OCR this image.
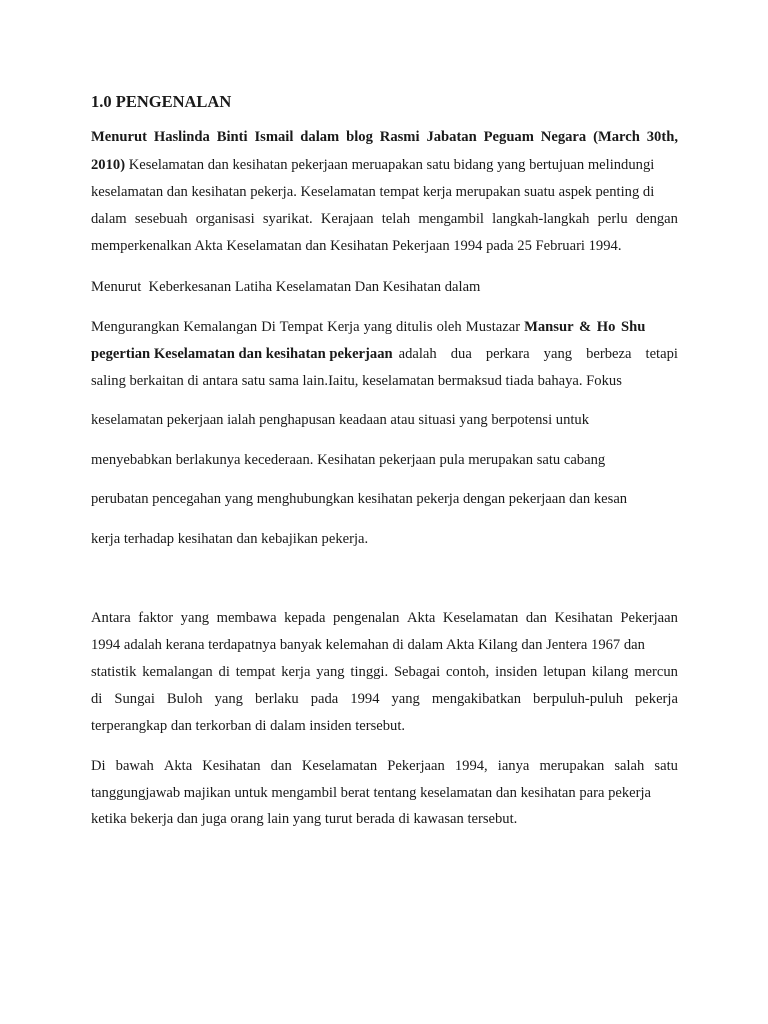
1.0 PENGENALAN
Menurut Haslinda Binti Ismail dalam blog Rasmi Jabatan Peguam Negara (March 30th,
2010) Keselamatan dan kesihatan pekerjaan meruapakan satu bidang yang bertujuan melindungi
keselamatan dan kesihatan pekerja. Keselamatan tempat kerja merupakan suatu aspek penting di
dalam sesebuah organisasi syarikat. Kerajaan telah mengambil langkah-langkah perlu dengan
memperkenalkan Akta Keselamatan dan Kesihatan Pekerjaan 1994 pada 25 Februari 1994.
Menurut  Keberkesanan Latiha Keselamatan Dan Kesihatan dalam
Mengurangkan Kemalangan Di Tempat Kerja yang ditulis oleh Mustazar Mansur & Ho Shu
pegertian Keselamatan dan kesihatan pekerjaan adalah dua perkara yang berbeza tetapi
saling berkaitan di antara satu sama lain.Iaitu, keselamatan bermaksud tiada bahaya. Fokus
keselamatan pekerjaan ialah penghapusan keadaan atau situasi yang berpotensi untuk
menyebabkan berlakunya kecederaan. Kesihatan pekerjaan pula merupakan satu cabang
perubatan pencegahan yang menghubungkan kesihatan pekerja dengan pekerjaan dan kesan
kerja terhadap kesihatan dan kebajikan pekerja.
Antara faktor yang membawa kepada pengenalan Akta Keselamatan dan Kesihatan Pekerjaan
1994 adalah kerana terdapatnya banyak kelemahan di dalam Akta Kilang dan Jentera 1967 dan
statistik kemalangan di tempat kerja yang tinggi. Sebagai contoh, insiden letupan kilang mercun
di Sungai Buloh yang berlaku pada 1994 yang mengakibatkan berpuluh-puluh pekerja
terperangkap dan terkorban di dalam insiden tersebut.
Di bawah Akta Kesihatan dan Keselamatan Pekerjaan 1994, ianya merupakan salah satu
tanggungjawab majikan untuk mengambil berat tentang keselamatan dan kesihatan para pekerja
ketika bekerja dan juga orang lain yang turut berada di kawasan tersebut.
